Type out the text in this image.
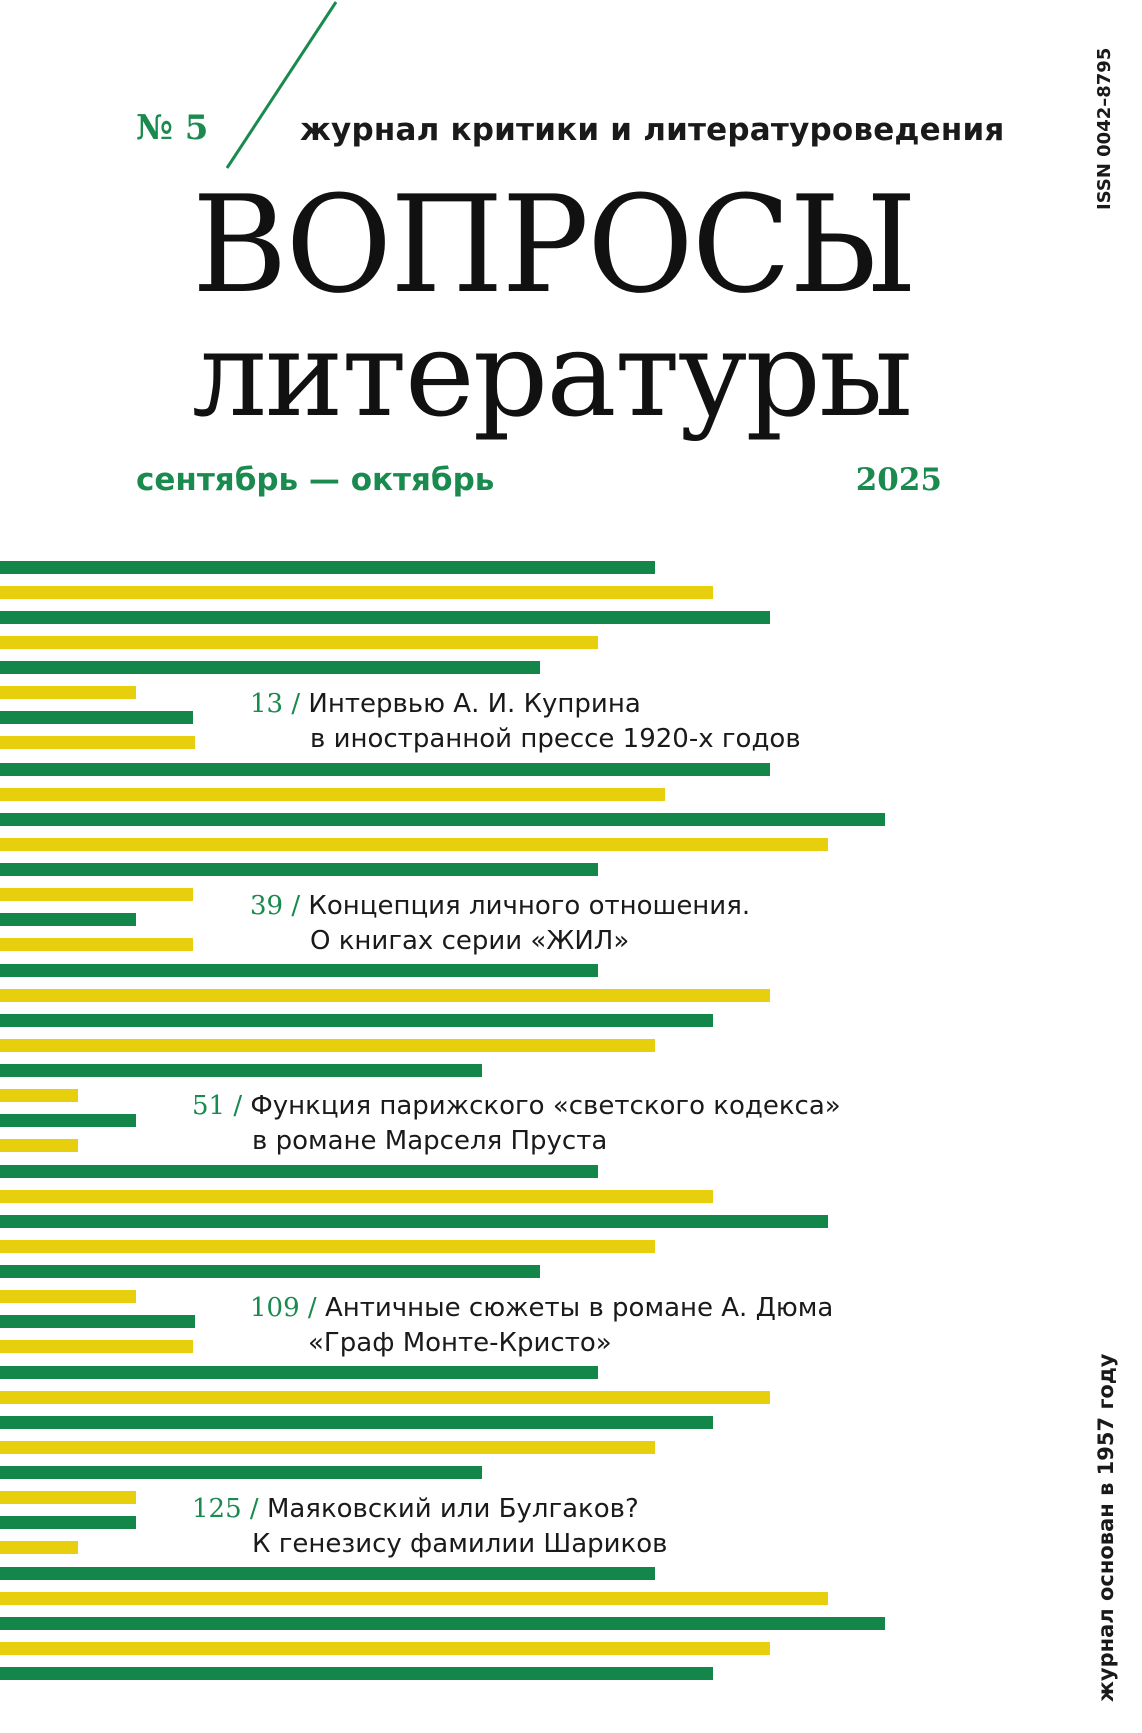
№ 5	журнал критики и литературоведения
ВОПРОСЫ
литературы
сентябрь — октябрь	2025
ISSN 0042–8795
журнал основан в 1957 году
13 / Интервью А. И. Куприна
в иностранной прессе 1920-х годов
39 / Концепция личного отношения.
О книгах серии «ЖИЛ»
51 / Функция парижского «светского кодекса»
в романе Марселя Пруста
109 / Античные сюжеты в романе А. Дюма
«Граф Монте-Кристо»
125 / Маяковский или Булгаков?
К генезису фамилии Шариков
